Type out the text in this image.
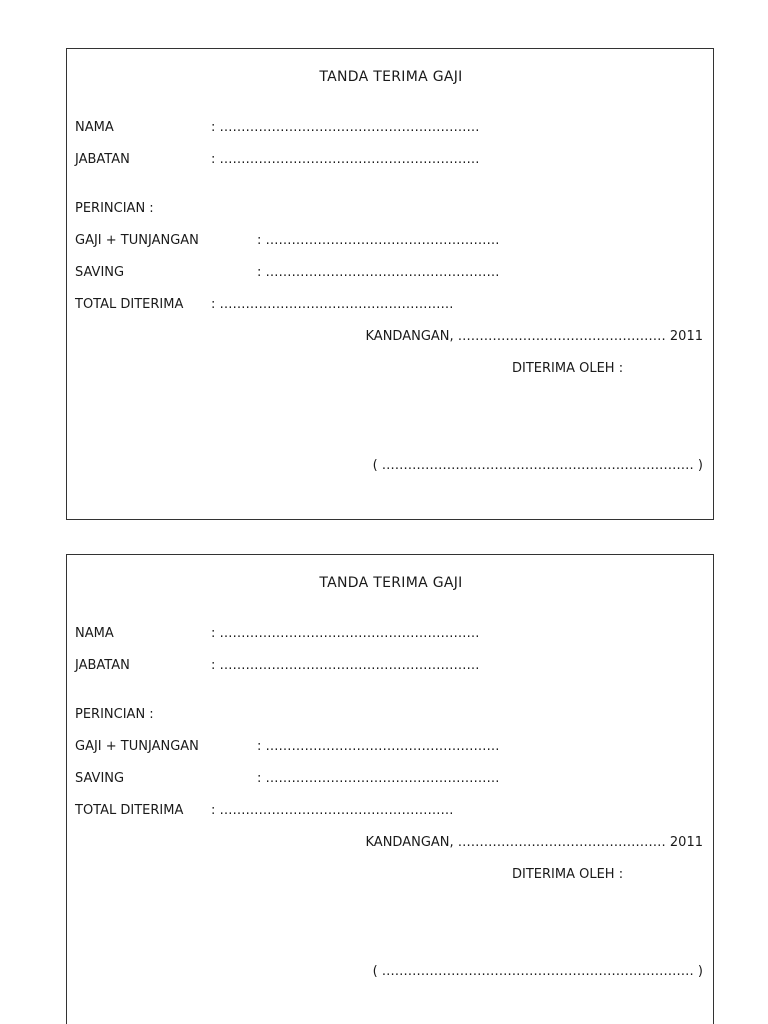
TANDA TERIMA GAJI
NAMA	: ……………………………………………………
JABATAN	: ……………………………………………………
PERINCIAN :
GAJI + TUNJANGAN	: ………………………………………………
SAVING	: ………………………………………………
TOTAL DITERIMA : ………………………………………………
KANDANGAN, ………………………………………… 2011
DITERIMA OLEH :
( ……………………………………………………………… )
TANDA TERIMA GAJI
NAMA	: ……………………………………………………
JABATAN	: ……………………………………………………
PERINCIAN :
GAJI + TUNJANGAN	: ………………………………………………
SAVING	: ………………………………………………
TOTAL DITERIMA : ………………………………………………
KANDANGAN, ………………………………………… 2011
DITERIMA OLEH :
( ……………………………………………………………… )
